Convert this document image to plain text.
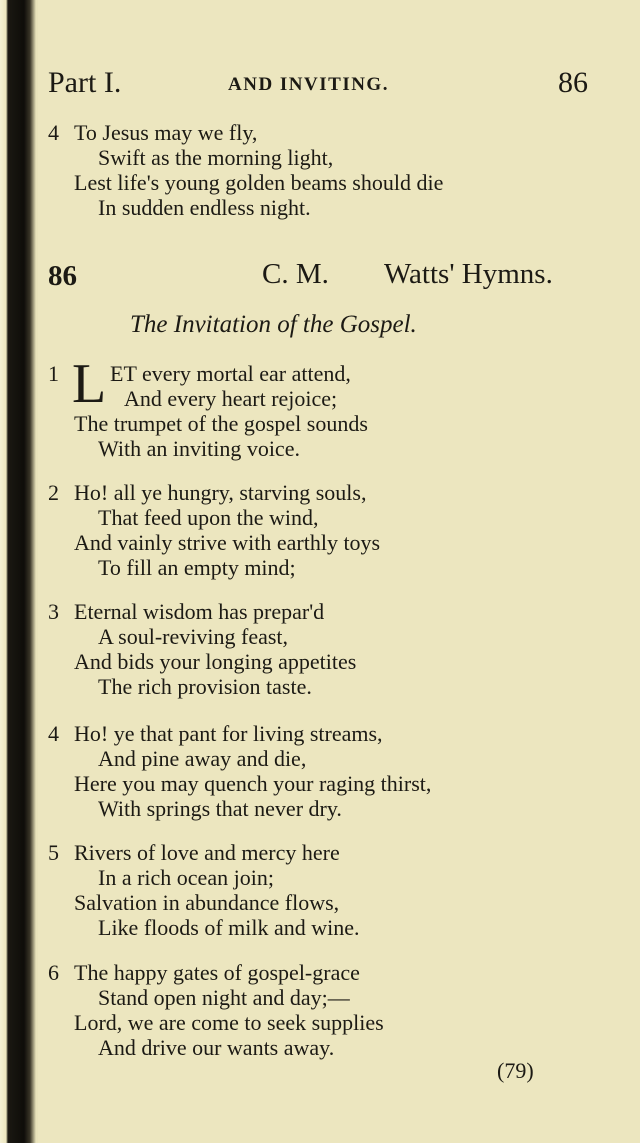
Part I.	AND INVITING.	86
4 To Jesus may we fly,
Swift as the morning light,
Lest life's young golden beams should die
In sudden endless night.
86	C. M. Watts' Hymns.
The Invitation of the Gospel.
1 L ET every mortal ear attend,
And every heart rejoice;
The trumpet of the gospel sounds
With an inviting voice.
2 Ho! all ye hungry, starving souls,
That feed upon the wind,
And vainly strive with earthly toys
To fill an empty mind;
3 Eternal wisdom has prepar'd
A soul-reviving feast,
And bids your longing appetites
The rich provision taste.
4 Ho! ye that pant for living streams,
And pine away and die,
Here you may quench your raging thirst,
With springs that never dry.
5 Rivers of love and mercy here
In a rich ocean join;
Salvation in abundance flows,
Like floods of milk and wine.
6 The happy gates of gospel-grace
Stand open night and day;—
Lord, we are come to seek supplies
And drive our wants away.
(79)
